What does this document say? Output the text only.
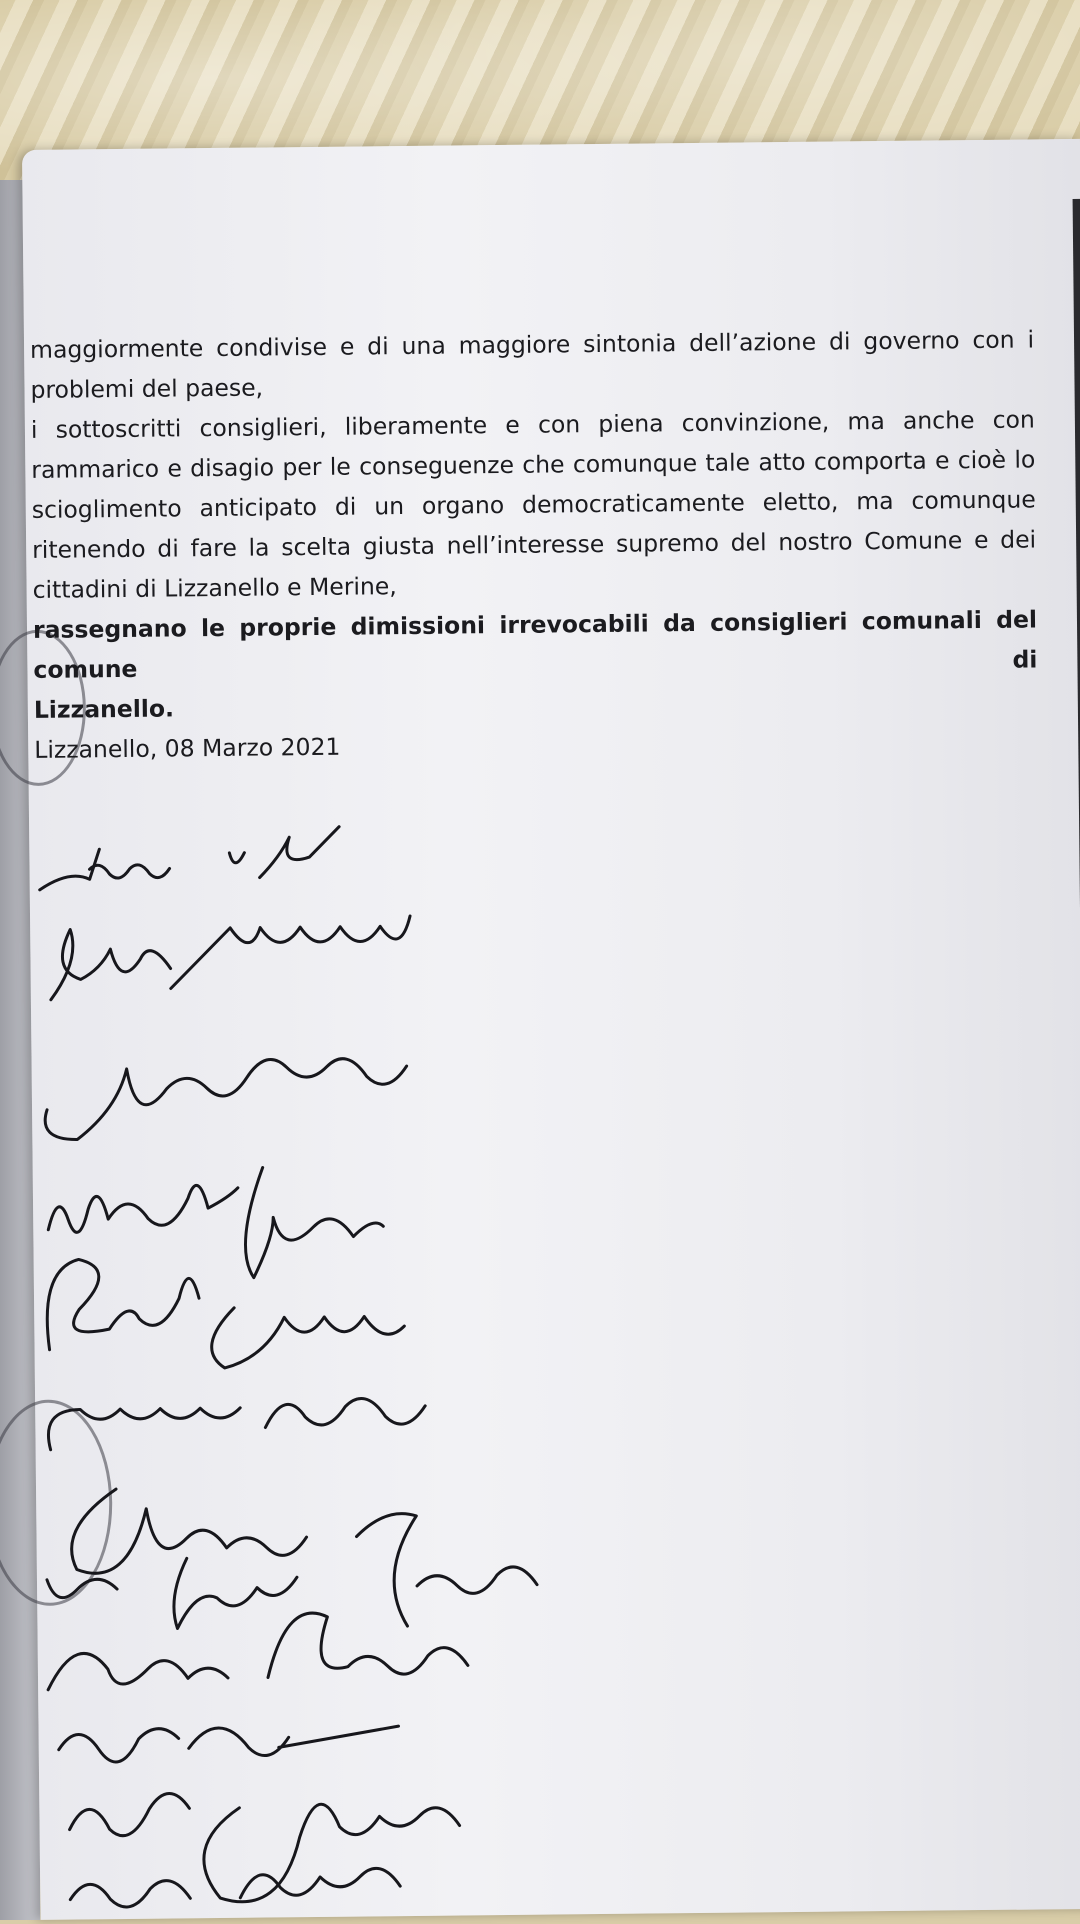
maggiormente condivise e di una maggiore sintonia dell’azione di governo con i

problemi del paese,

i sottoscritti consiglieri, liberamente e con piena convinzione, ma anche con

rammarico e disagio per le conseguenze che comunque tale atto comporta e cioè lo

scioglimento anticipato di un organo democraticamente eletto, ma comunque

ritenendo di fare la scelta giusta nell’interesse supremo del nostro Comune e dei

cittadini di Lizzanello e Merine,

rassegnano le proprie dimissioni irrevocabili da consiglieri comunali del comune di

Lizzanello.

Lizzanello, 08 Marzo 2021
